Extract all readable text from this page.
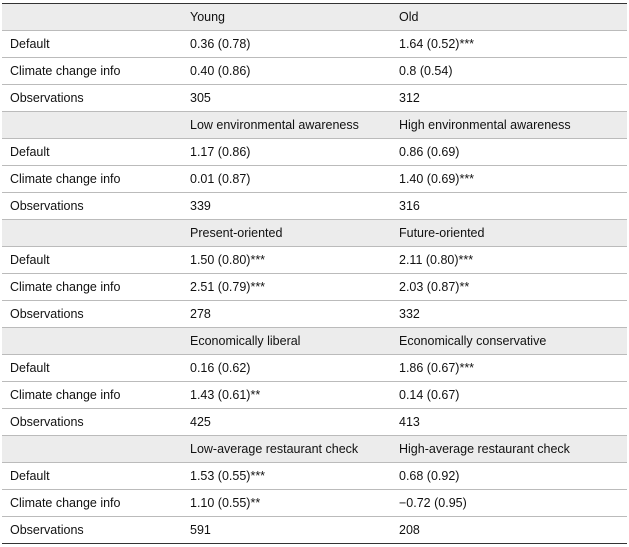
	Young	Old
Default	0.36 (0.78)	1.64 (0.52)***
Climate change info	0.40 (0.86)	0.8 (0.54)
Observations	305	312
	Low environmental awareness	High environmental awareness
Default	1.17 (0.86)	0.86 (0.69)
Climate change info	0.01 (0.87)	1.40 (0.69)***
Observations	339	316
	Present-oriented	Future-oriented
Default	1.50 (0.80)***	2.11 (0.80)***
Climate change info	2.51 (0.79)***	2.03 (0.87)**
Observations	278	332
	Economically liberal	Economically conservative
Default	0.16 (0.62)	1.86 (0.67)***
Climate change info	1.43 (0.61)**	0.14 (0.67)
Observations	425	413
	Low-average restaurant check	High-average restaurant check
Default	1.53 (0.55)***	0.68 (0.92)
Climate change info	1.10 (0.55)**	−0.72 (0.95)
Observations	591	208
